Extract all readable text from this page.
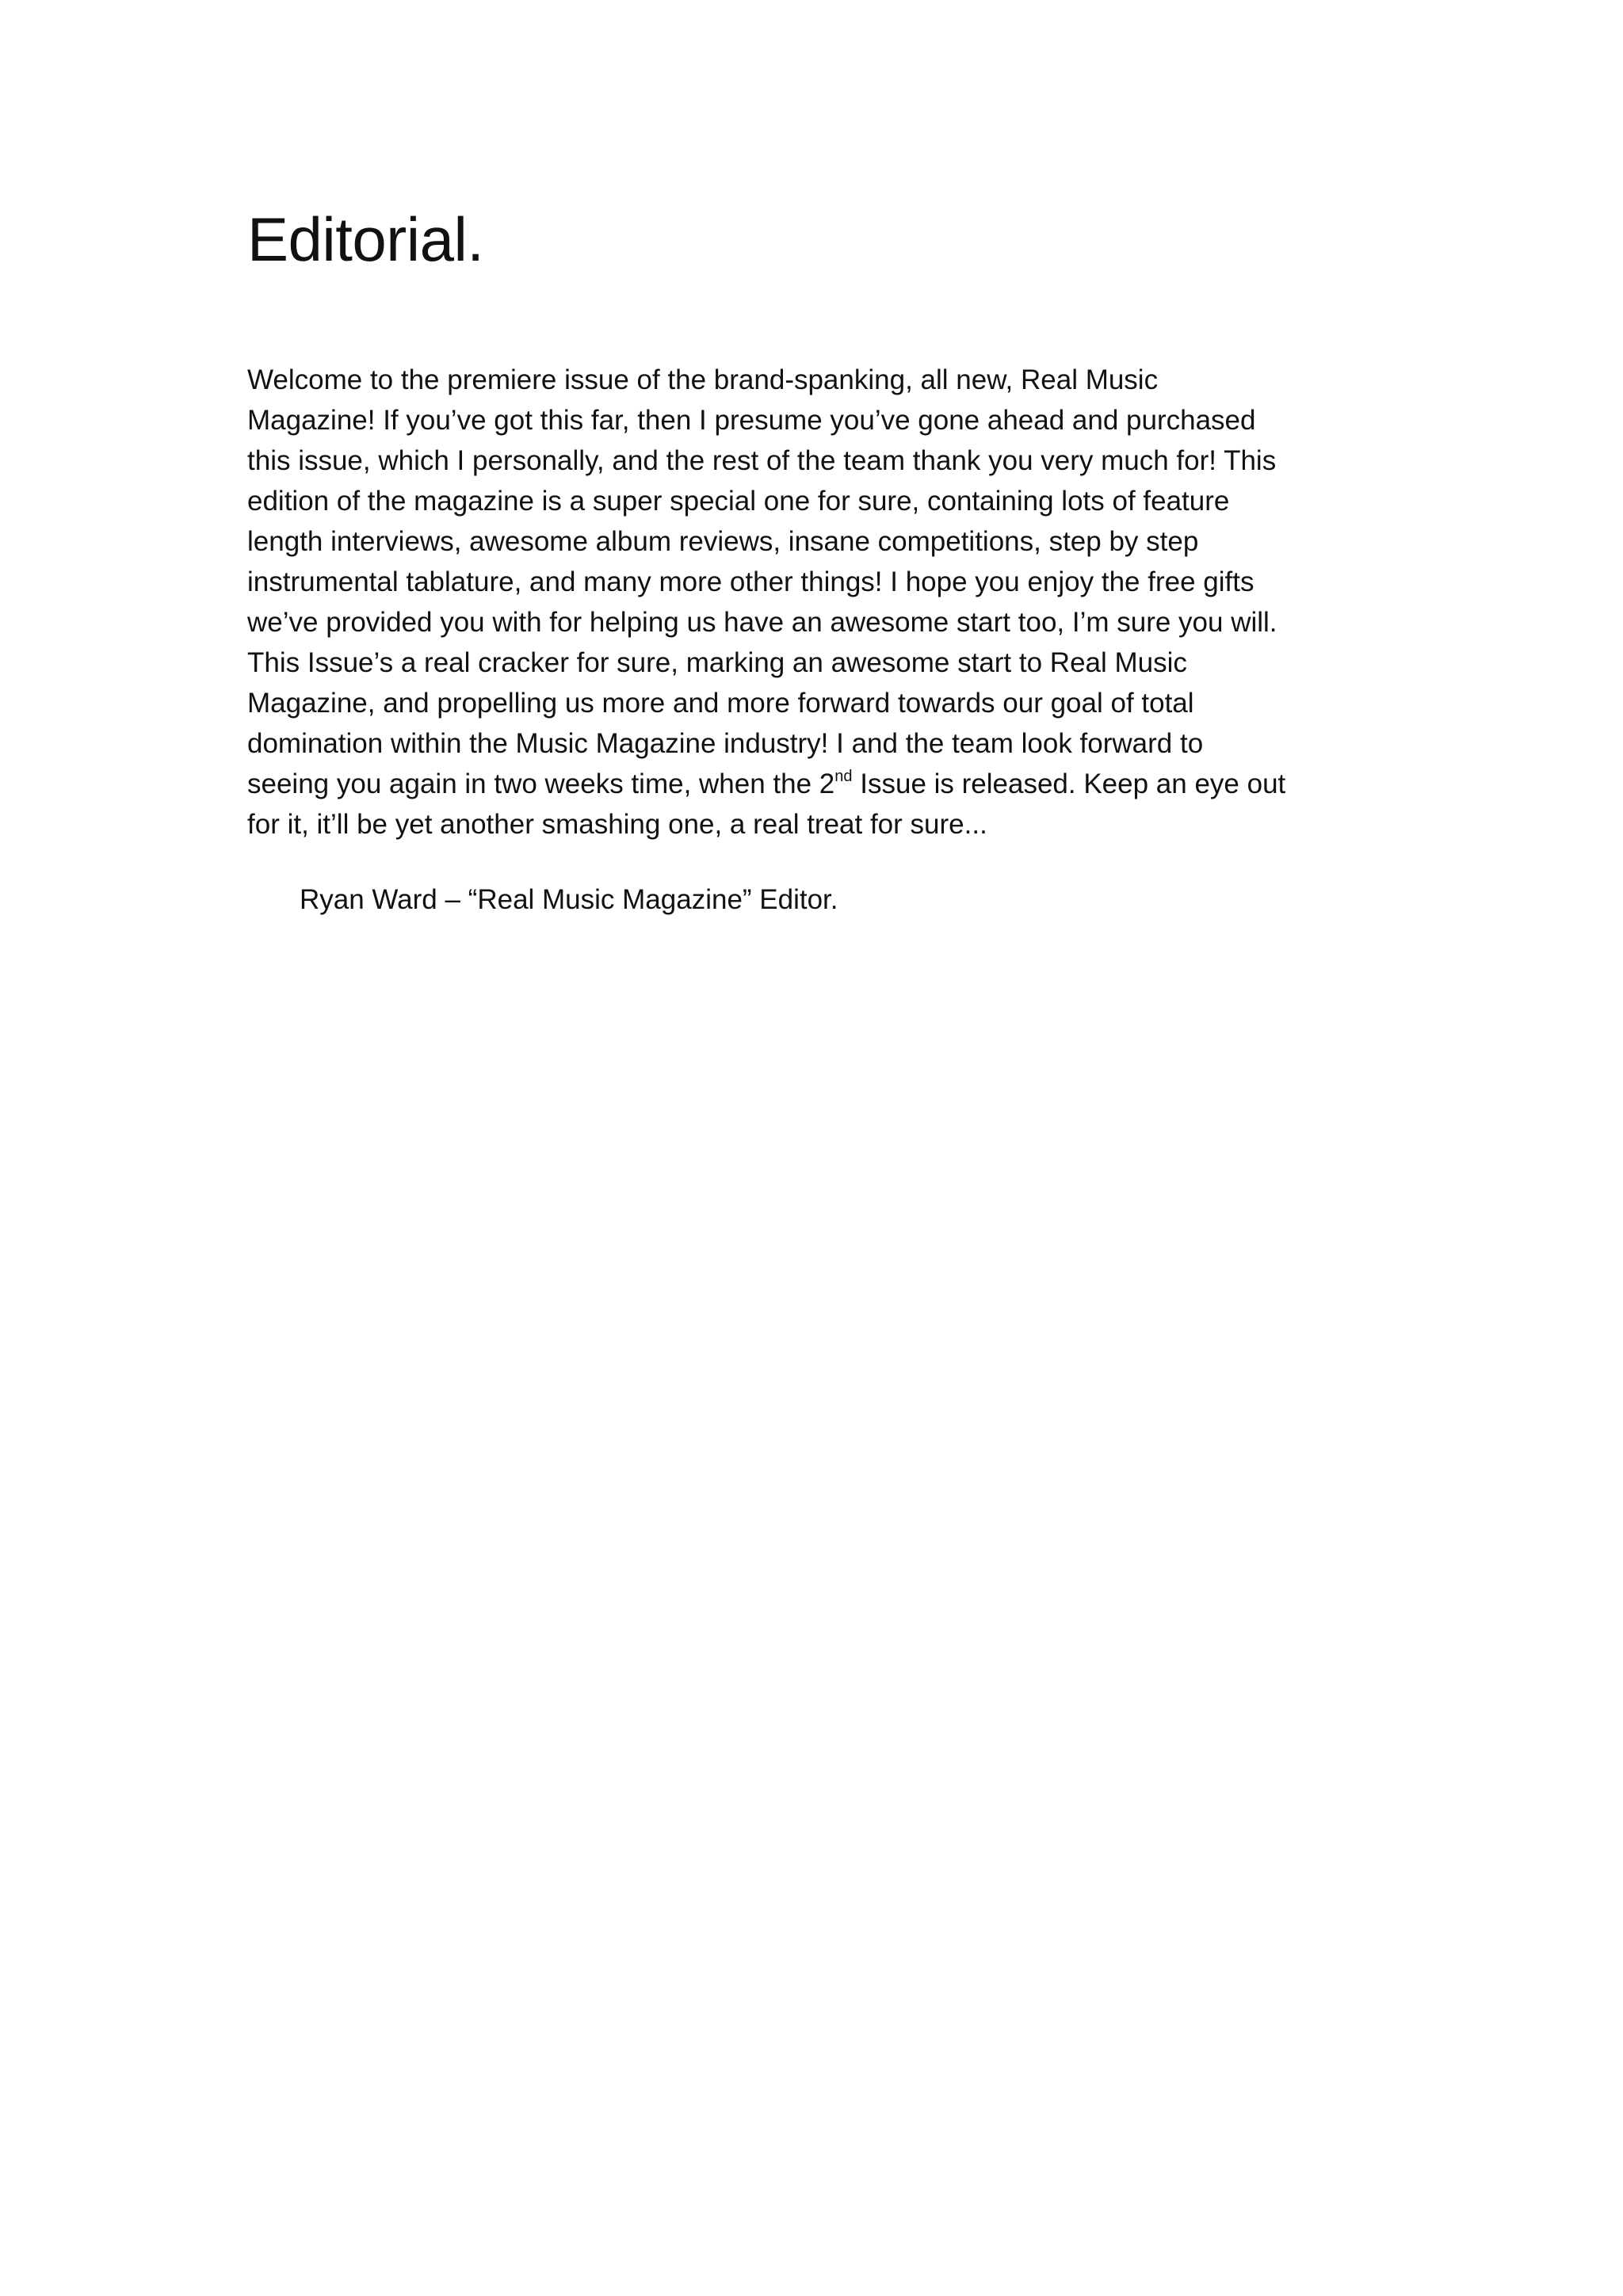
Editorial.
Welcome to the premiere issue of the brand-spanking, all new, Real Music
Magazine! If you’ve got this far, then I presume you’ve gone ahead and purchased
this issue, which I personally, and the rest of the team thank you very much for! This
edition of the magazine is a super special one for sure, containing lots of feature
length interviews, awesome album reviews, insane competitions, step by step
instrumental tablature, and many more other things! I hope you enjoy the free gifts
we’ve provided you with for helping us have an awesome start too, I’m sure you will.
This Issue’s a real cracker for sure, marking an awesome start to Real Music
Magazine, and propelling us more and more forward towards our goal of total
domination within the Music Magazine industry! I and the team look forward to
seeing you again in two weeks time, when the 2nd Issue is released. Keep an eye out
for it, it’ll be yet another smashing one, a real treat for sure...

Ryan Ward – “Real Music Magazine” Editor.
